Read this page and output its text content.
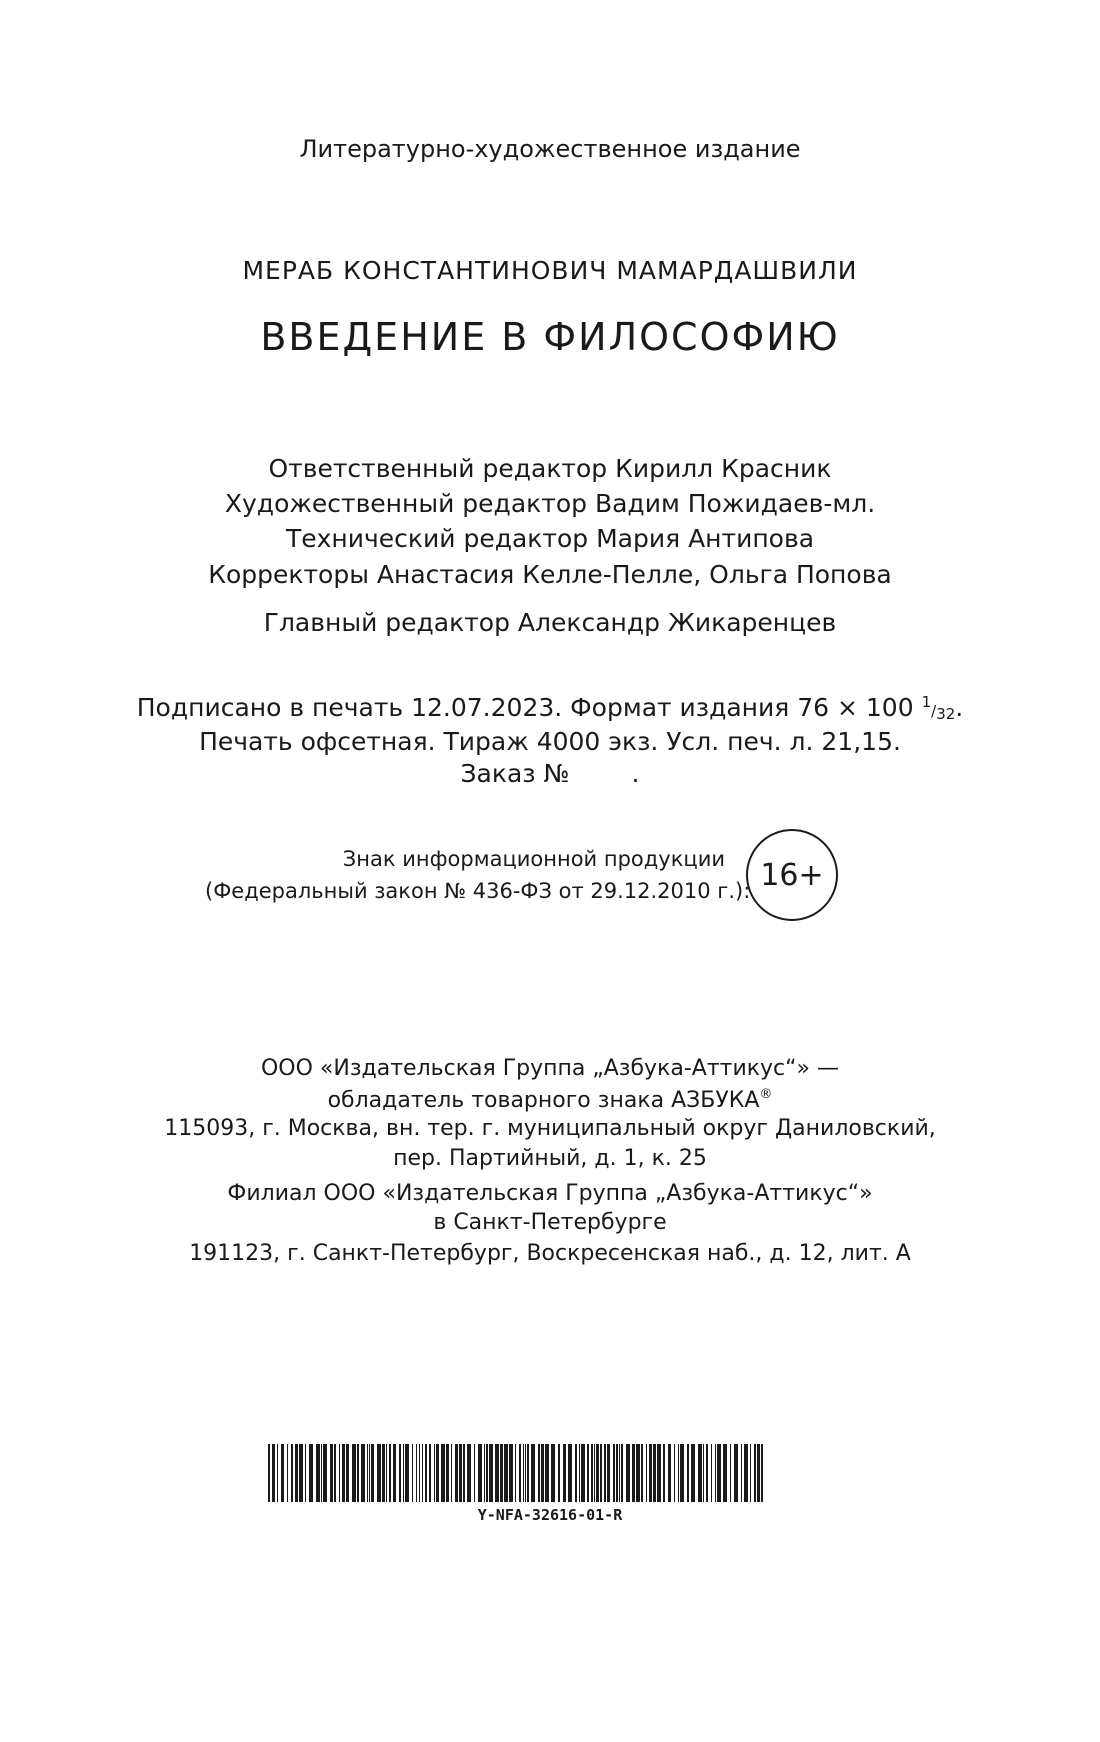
Литературно-художественное издание
МЕРАБ КОНСТАНТИНОВИЧ МАМАРДАШВИЛИ
ВВЕДЕНИЕ В ФИЛОСОФИЮ
Ответственный редактор Кирилл Красник
Художественный редактор Вадим Пожидаев-мл.
Технический редактор Мария Антипова
Корректоры Анастасия Келле-Пелле, Ольга Попова
Главный редактор Александр Жикаренцев
Подписано в печать 12.07.2023. Формат издания 76 × 100 1/32.
Печать офсетная. Тираж 4000 экз. Усл. печ. л. 21,15.
Заказ № .
Знак информационной продукции
(Федеральный закон № 436-ФЗ от 29.12.2010 г.): 16+
ООО «Издательская Группа „Азбука-Аттикус“» —
обладатель товарного знака АЗБУКА®
115093, г. Москва, вн. тер. г. муниципальный округ Даниловский,
пер. Партийный, д. 1, к. 25
Филиал ООО «Издательская Группа „Азбука-Аттикус“»
в Санкт-Петербурге
191123, г. Санкт-Петербург, Воскресенская наб., д. 12, лит. А
Y-NFA-32616-01-R
